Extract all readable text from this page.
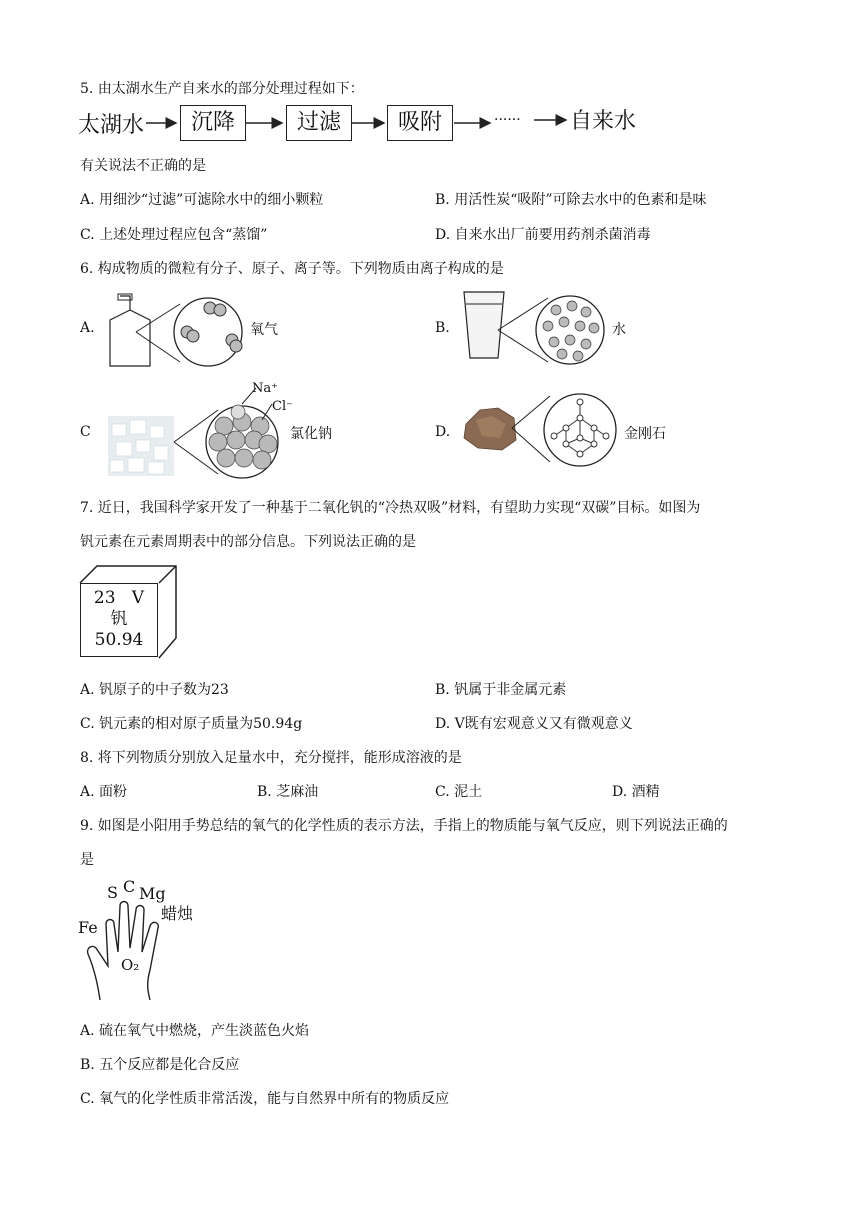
5. 由太湖水生产自来水的部分处理过程如下：
太湖水	沉降	过滤	吸附	······ 自来水
有关说法不正确的是
A. 用细沙“过滤”可滤除水中的细小颗粒	B. 用活性炭“吸附”可除去水中的色素和是味
C. 上述处理过程应包含“蒸馏”	D. 自来水出厂前要用药剂杀菌消毒
6. 构成物质的微粒有分子、原子、离子等。下列物质由离子构成的是
A.	氧气	B.	水
C
Na⁺
Cl⁻
氯化钠	D.	金刚石
7. 近日，我国科学家开发了一种基于二氧化钒的“冷热双吸”材料，有望助力实现“双碳”目标。如图为
钒元素在元素周期表中的部分信息。下列说法正确的是
23 V
钒
50.94
A. 钒原子的中子数为23	B. 钒属于非金属元素
C. 钒元素的相对原子质量为50.94g	D. V既有宏观意义又有微观意义
8. 将下列物质分别放入足量水中，充分搅拌，能形成溶液的是
A. 面粉	B. 芝麻油	C. 泥土	D. 酒精
9. 如图是小阳用手势总结的氧气的化学性质的表示方法，手指上的物质能与氧气反应，则下列说法正确的
是
Fe
S C Mg
蜡烛
O₂
A. 硫在氧气中燃烧，产生淡蓝色火焰
B. 五个反应都是化合反应
C. 氧气的化学性质非常活泼，能与自然界中所有的物质反应
